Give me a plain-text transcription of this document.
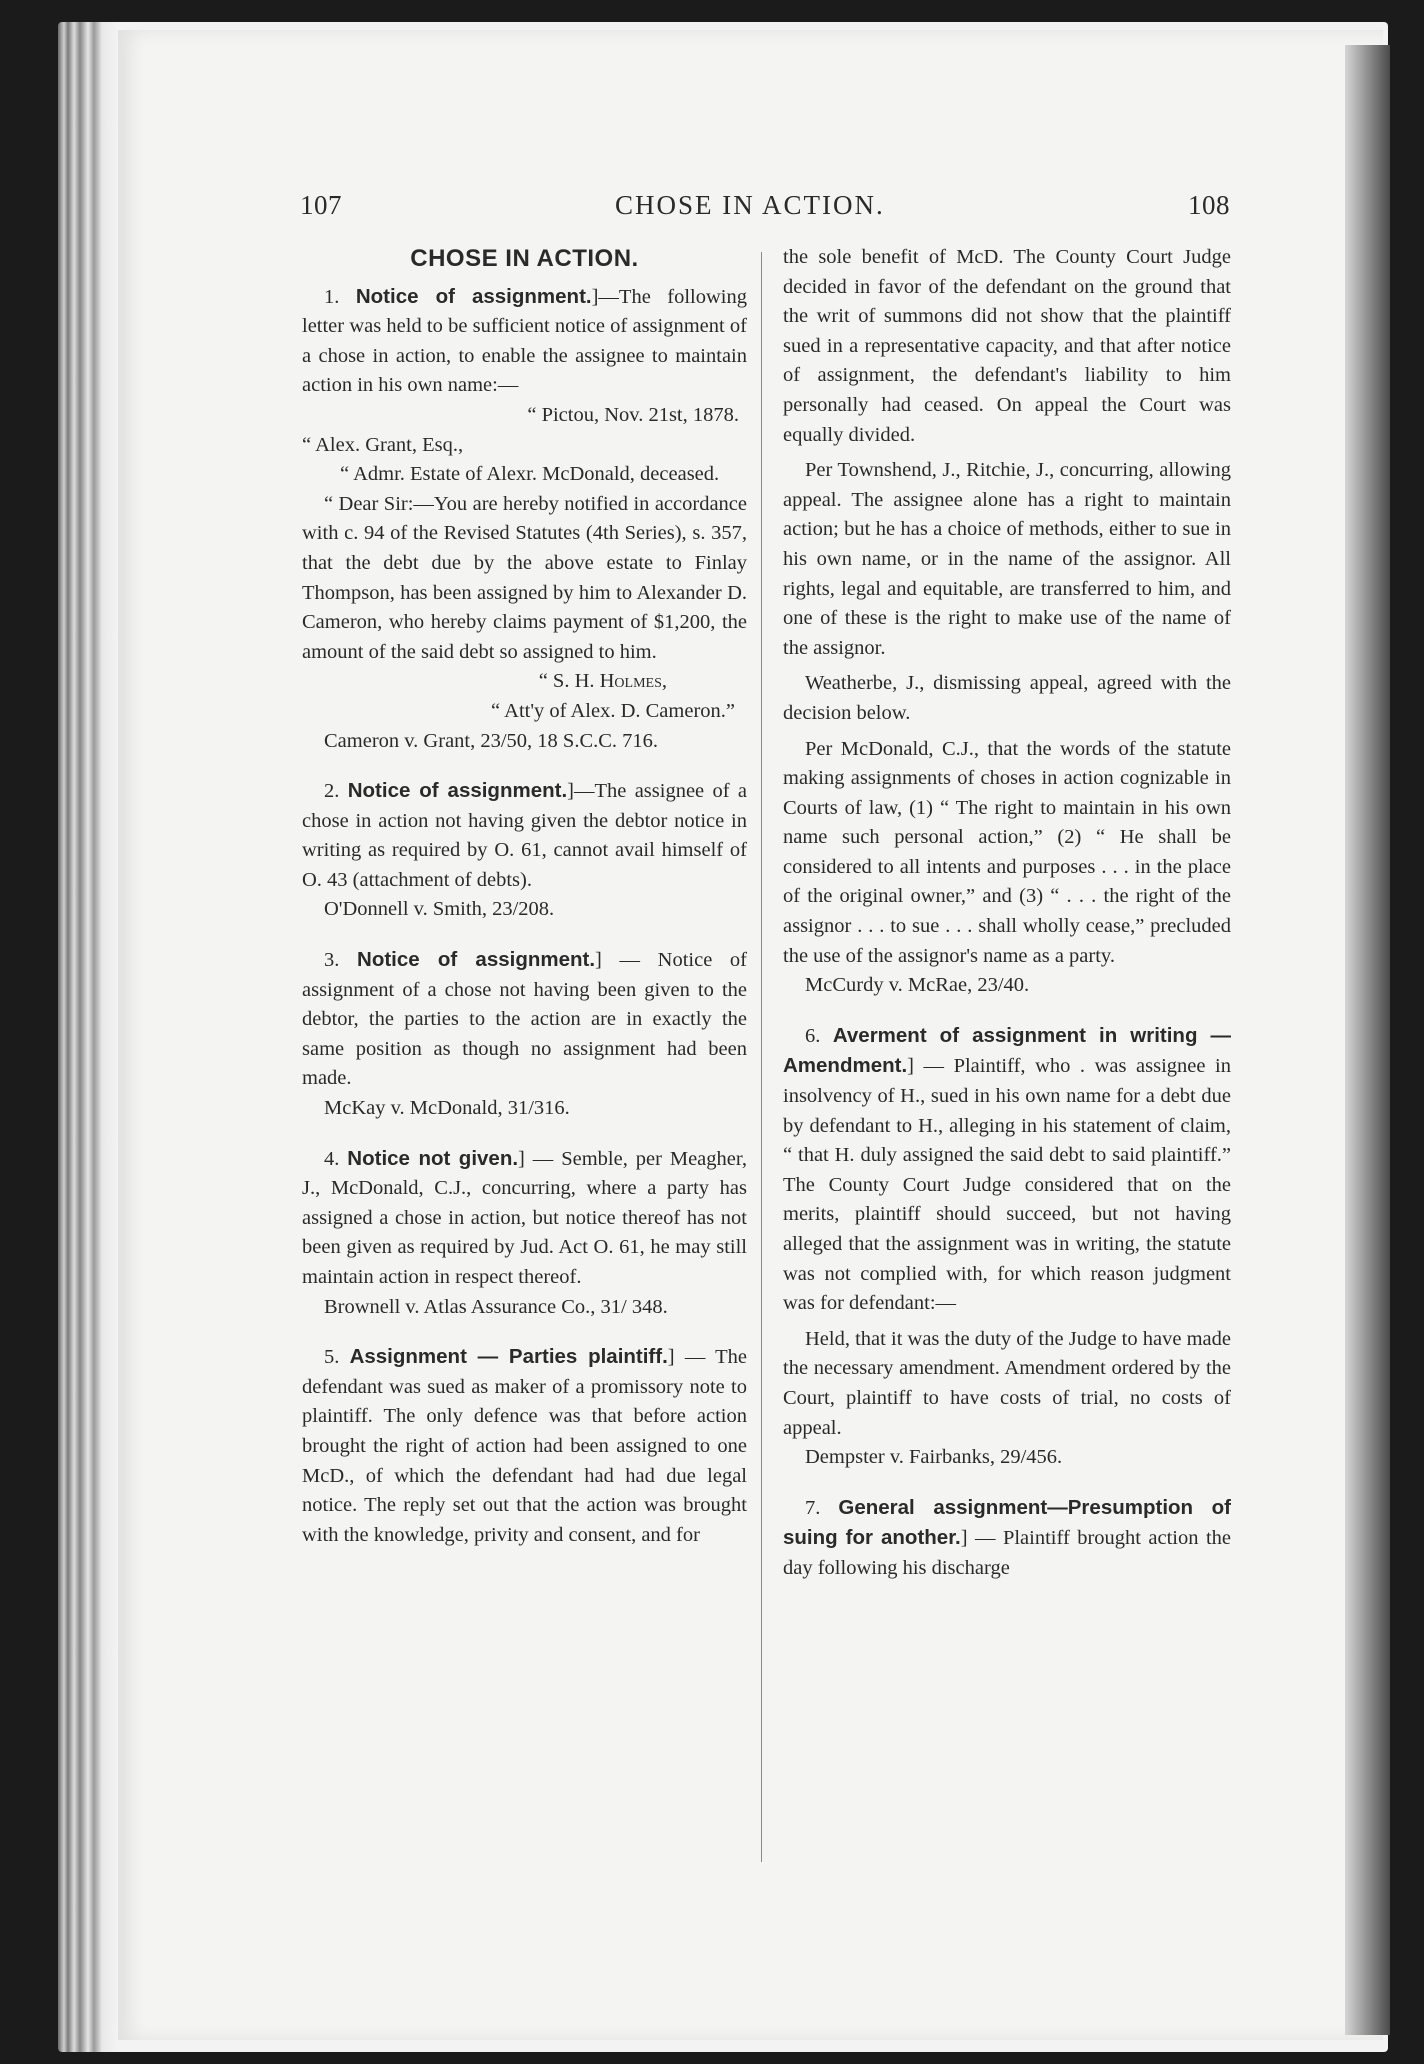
107	CHOSE IN ACTION.	108
CHOSE IN ACTION.

1. Notice of assignment.]—The following letter was held to be sufficient notice of assignment of a chose in action, to enable the assignee to maintain action in his own name:—

“ Pictou, Nov. 21st, 1878.

“ Alex. Grant, Esq.,

“ Admr. Estate of Alexr. McDonald, deceased.

“ Dear Sir:—You are hereby notified in accordance with c. 94 of the Revised Statutes (4th Series), s. 357, that the debt due by the above estate to Finlay Thompson, has been assigned by him to Alexander D. Cameron, who hereby claims payment of $1,200, the amount of the said debt so assigned to him.

“ S. H. Holmes,

“ Att'y of Alex. D. Cameron.”

Cameron v. Grant, 23/50, 18 S.C.C. 716.

2. Notice of assignment.]—The assignee of a chose in action not having given the debtor notice in writing as required by O. 61, cannot avail himself of O. 43 (attachment of debts).

O'Donnell v. Smith, 23/208.

3. Notice of assignment.] — Notice of assignment of a chose not having been given to the debtor, the parties to the action are in exactly the same position as though no assignment had been made.

McKay v. McDonald, 31/316.

4. Notice not given.] — Semble, per Meagher, J., McDonald, C.J., concurring, where a party has assigned a chose in action, but notice thereof has not been given as required by Jud. Act O. 61, he may still maintain action in respect thereof.

Brownell v. Atlas Assurance Co., 31/ 348.

5. Assignment — Parties plaintiff.] — The defendant was sued as maker of a promissory note to plaintiff. The only defence was that before action brought the right of action had been assigned to one McD., of which the defendant had had due legal notice. The reply set out that the action was brought with the knowledge, privity and consent, and for

the sole benefit of McD. The County Court Judge decided in favor of the defendant on the ground that the writ of summons did not show that the plaintiff sued in a representative capacity, and that after notice of assignment, the defendant's liability to him personally had ceased. On appeal the Court was equally divided.

Per Townshend, J., Ritchie, J., concurring, allowing appeal. The assignee alone has a right to maintain action; but he has a choice of methods, either to sue in his own name, or in the name of the assignor. All rights, legal and equitable, are transferred to him, and one of these is the right to make use of the name of the assignor.

Weatherbe, J., dismissing appeal, agreed with the decision below.

Per McDonald, C.J., that the words of the statute making assignments of choses in action cognizable in Courts of law, (1) “ The right to maintain in his own name such personal action,” (2) “ He shall be considered to all intents and purposes . . . in the place of the original owner,” and (3) “ . . . the right of the assignor . . . to sue . . . shall wholly cease,” precluded the use of the assignor's name as a party.

McCurdy v. McRae, 23/40.

6. Averment of assignment in writing — Amendment.] — Plaintiff, who . was assignee in insolvency of H., sued in his own name for a debt due by defendant to H., alleging in his statement of claim, “ that H. duly assigned the said debt to said plaintiff.” The County Court Judge considered that on the merits, plaintiff should succeed, but not having alleged that the assignment was in writing, the statute was not complied with, for which reason judgment was for defendant:—

Held, that it was the duty of the Judge to have made the necessary amendment. Amendment ordered by the Court, plaintiff to have costs of trial, no costs of appeal.

Dempster v. Fairbanks, 29/456.

7. General assignment—Presumption of suing for another.] — Plaintiff brought action the day following his discharge
